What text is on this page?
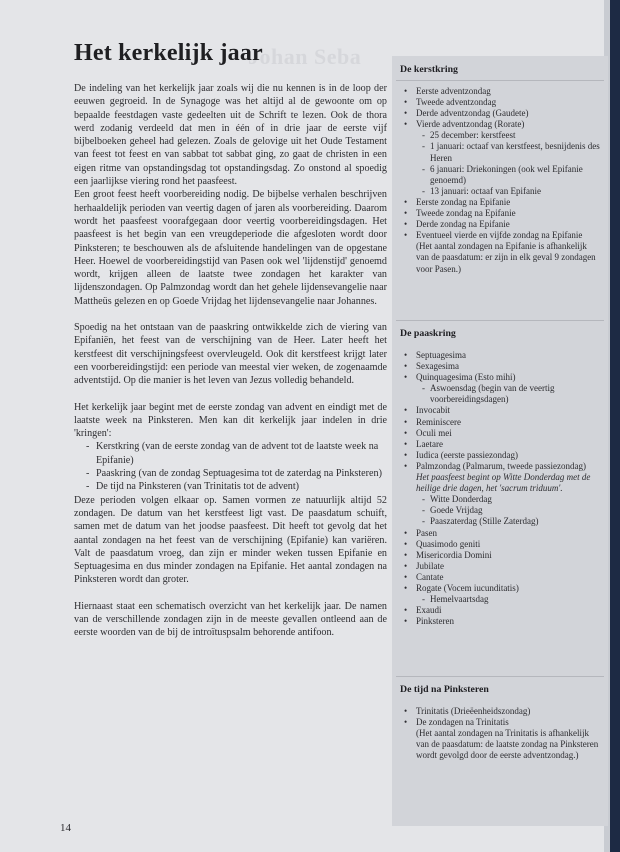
Johan Seba
Het kerkelijk jaar

De indeling van het kerkelijk jaar zoals wij die nu kennen is in de loop der eeuwen gegroeid. In de Synagoge was het altijd al de gewoonte om op bepaalde feestdagen vaste gedeelten uit de Schrift te lezen. Ook de thora werd zodanig verdeeld dat men in één of in drie jaar de eerste vijf bijbelboeken geheel had gelezen. Zoals de gelovige uit het Oude Testament van feest tot feest en van sabbat tot sabbat ging, zo gaat de christen in een eigen ritme van opstandingsdag tot opstandingsdag. Zo onstond al spoedig een jaarlijkse viering rond het paasfeest.

Een groot feest heeft voorbereiding nodig. De bijbelse verhalen beschrijven herhaaldelijk perioden van veertig dagen of jaren als voorbereiding. Daarom wordt het paasfeest voorafgegaan door veertig voorbereidingsdagen. Het paasfeest is het begin van een vreugdeperiode die afgesloten wordt door Pinksteren; te beschouwen als de afsluitende handelingen van de opgestane Heer. Hoewel de voorbereidingstijd van Pasen ook wel 'lijdenstijd' genoemd wordt, krijgen alleen de laatste twee zondagen het karakter van lijdenszondagen. Op Palmzondag wordt dan het gehele lijdensevangelie naar Mattheüs gelezen en op Goede Vrijdag het lijdensevangelie naar Johannes.

Spoedig na het ontstaan van de paaskring ontwikkelde zich de viering van Epifaniën, het feest van de verschijning van de Heer. Later heeft het kerstfeest dit verschijningsfeest overvleugeld. Ook dit kerstfeest krijgt later een voorbereidingstijd: een periode van meestal vier weken, de zogenaamde adventstijd. Op die manier is het leven van Jezus volledig behandeld.

Het kerkelijk jaar begint met de eerste zondag van advent en eindigt met de laatste week na Pinksteren. Men kan dit kerkelijk jaar indelen in drie 'kringen':

- Kerstkring (van de eerste zondag van de advent tot de laatste week na Epifanie)
- Paaskring (van de zondag Septuagesima tot de zaterdag na Pinksteren)
- De tijd na Pinksteren (van Trinitatis tot de advent)

Deze perioden volgen elkaar op. Samen vormen ze natuurlijk altijd 52 zondagen. De datum van het kerstfeest ligt vast. De paasdatum schuift, samen met de datum van het joodse paasfeest. Dit heeft tot gevolg dat het aantal zondagen na het feest van de verschijning (Epifanie) kan variëren. Valt de paasdatum vroeg, dan zijn er minder weken tussen Epifanie en Septuagesima en dus minder zondagen na Epifanie. Het aantal zondagen na Pinksteren wordt dan groter.

Hiernaast staat een schematisch overzicht van het kerkelijk jaar. De namen van de verschillende zondagen zijn in de meeste gevallen ontleend aan de eerste woorden van de bij de introïtuspsalm behorende antifoon.

De kerstkring
• Eerste adventzondag
• Tweede adventzondag
• Derde adventzondag (Gaudete)
• Vierde adventzondag (Rorate)
- 25 december: kerstfeest
- 1 januari: octaaf van kerstfeest, besnijdenis des Heren
- 6 januari: Driekoningen (ook wel Epifanie genoemd)
- 13 januari: octaaf van Epifanie
• Eerste zondag na Epifanie
• Tweede zondag na Epifanie
• Derde zondag na Epifanie
• Eventueel vierde en vijfde zondag na Epifanie (Het aantal zondagen na Epifanie is afhankelijk van de paasdatum: er zijn in elk geval 9 zondagen voor Pasen.)
De paaskring
• Septuagesima
• Sexagesima
• Quinquagesima (Esto mihi)
- Aswoensdag (begin van de veertig voorbereidingsdagen)
• Invocabit
• Reminiscere
• Oculi mei
• Laetare
• Iudica (eerste passiezondag)
• Palmzondag (Palmarum, tweede passiezondag)
Het paasfeest begint op Witte Donderdag met de heilige drie dagen, het 'sacrum triduum'.
- Witte Donderdag
- Goede Vrijdag
- Paaszaterdag (Stille Zaterdag)
• Pasen
• Quasimodo geniti
• Misericordia Domini
• Jubilate
• Cantate
• Rogate (Vocem iucunditatis)
- Hemelvaartsdag
• Exaudi
• Pinksteren
De tijd na Pinksteren
• Trinitatis (Drieëenheidszondag)
• De zondagen na Trinitatis
(Het aantal zondagen na Trinitatis is afhankelijk van de paasdatum: de laatste zondag na Pinksteren wordt gevolgd door de eerste adventzondag.)
14
